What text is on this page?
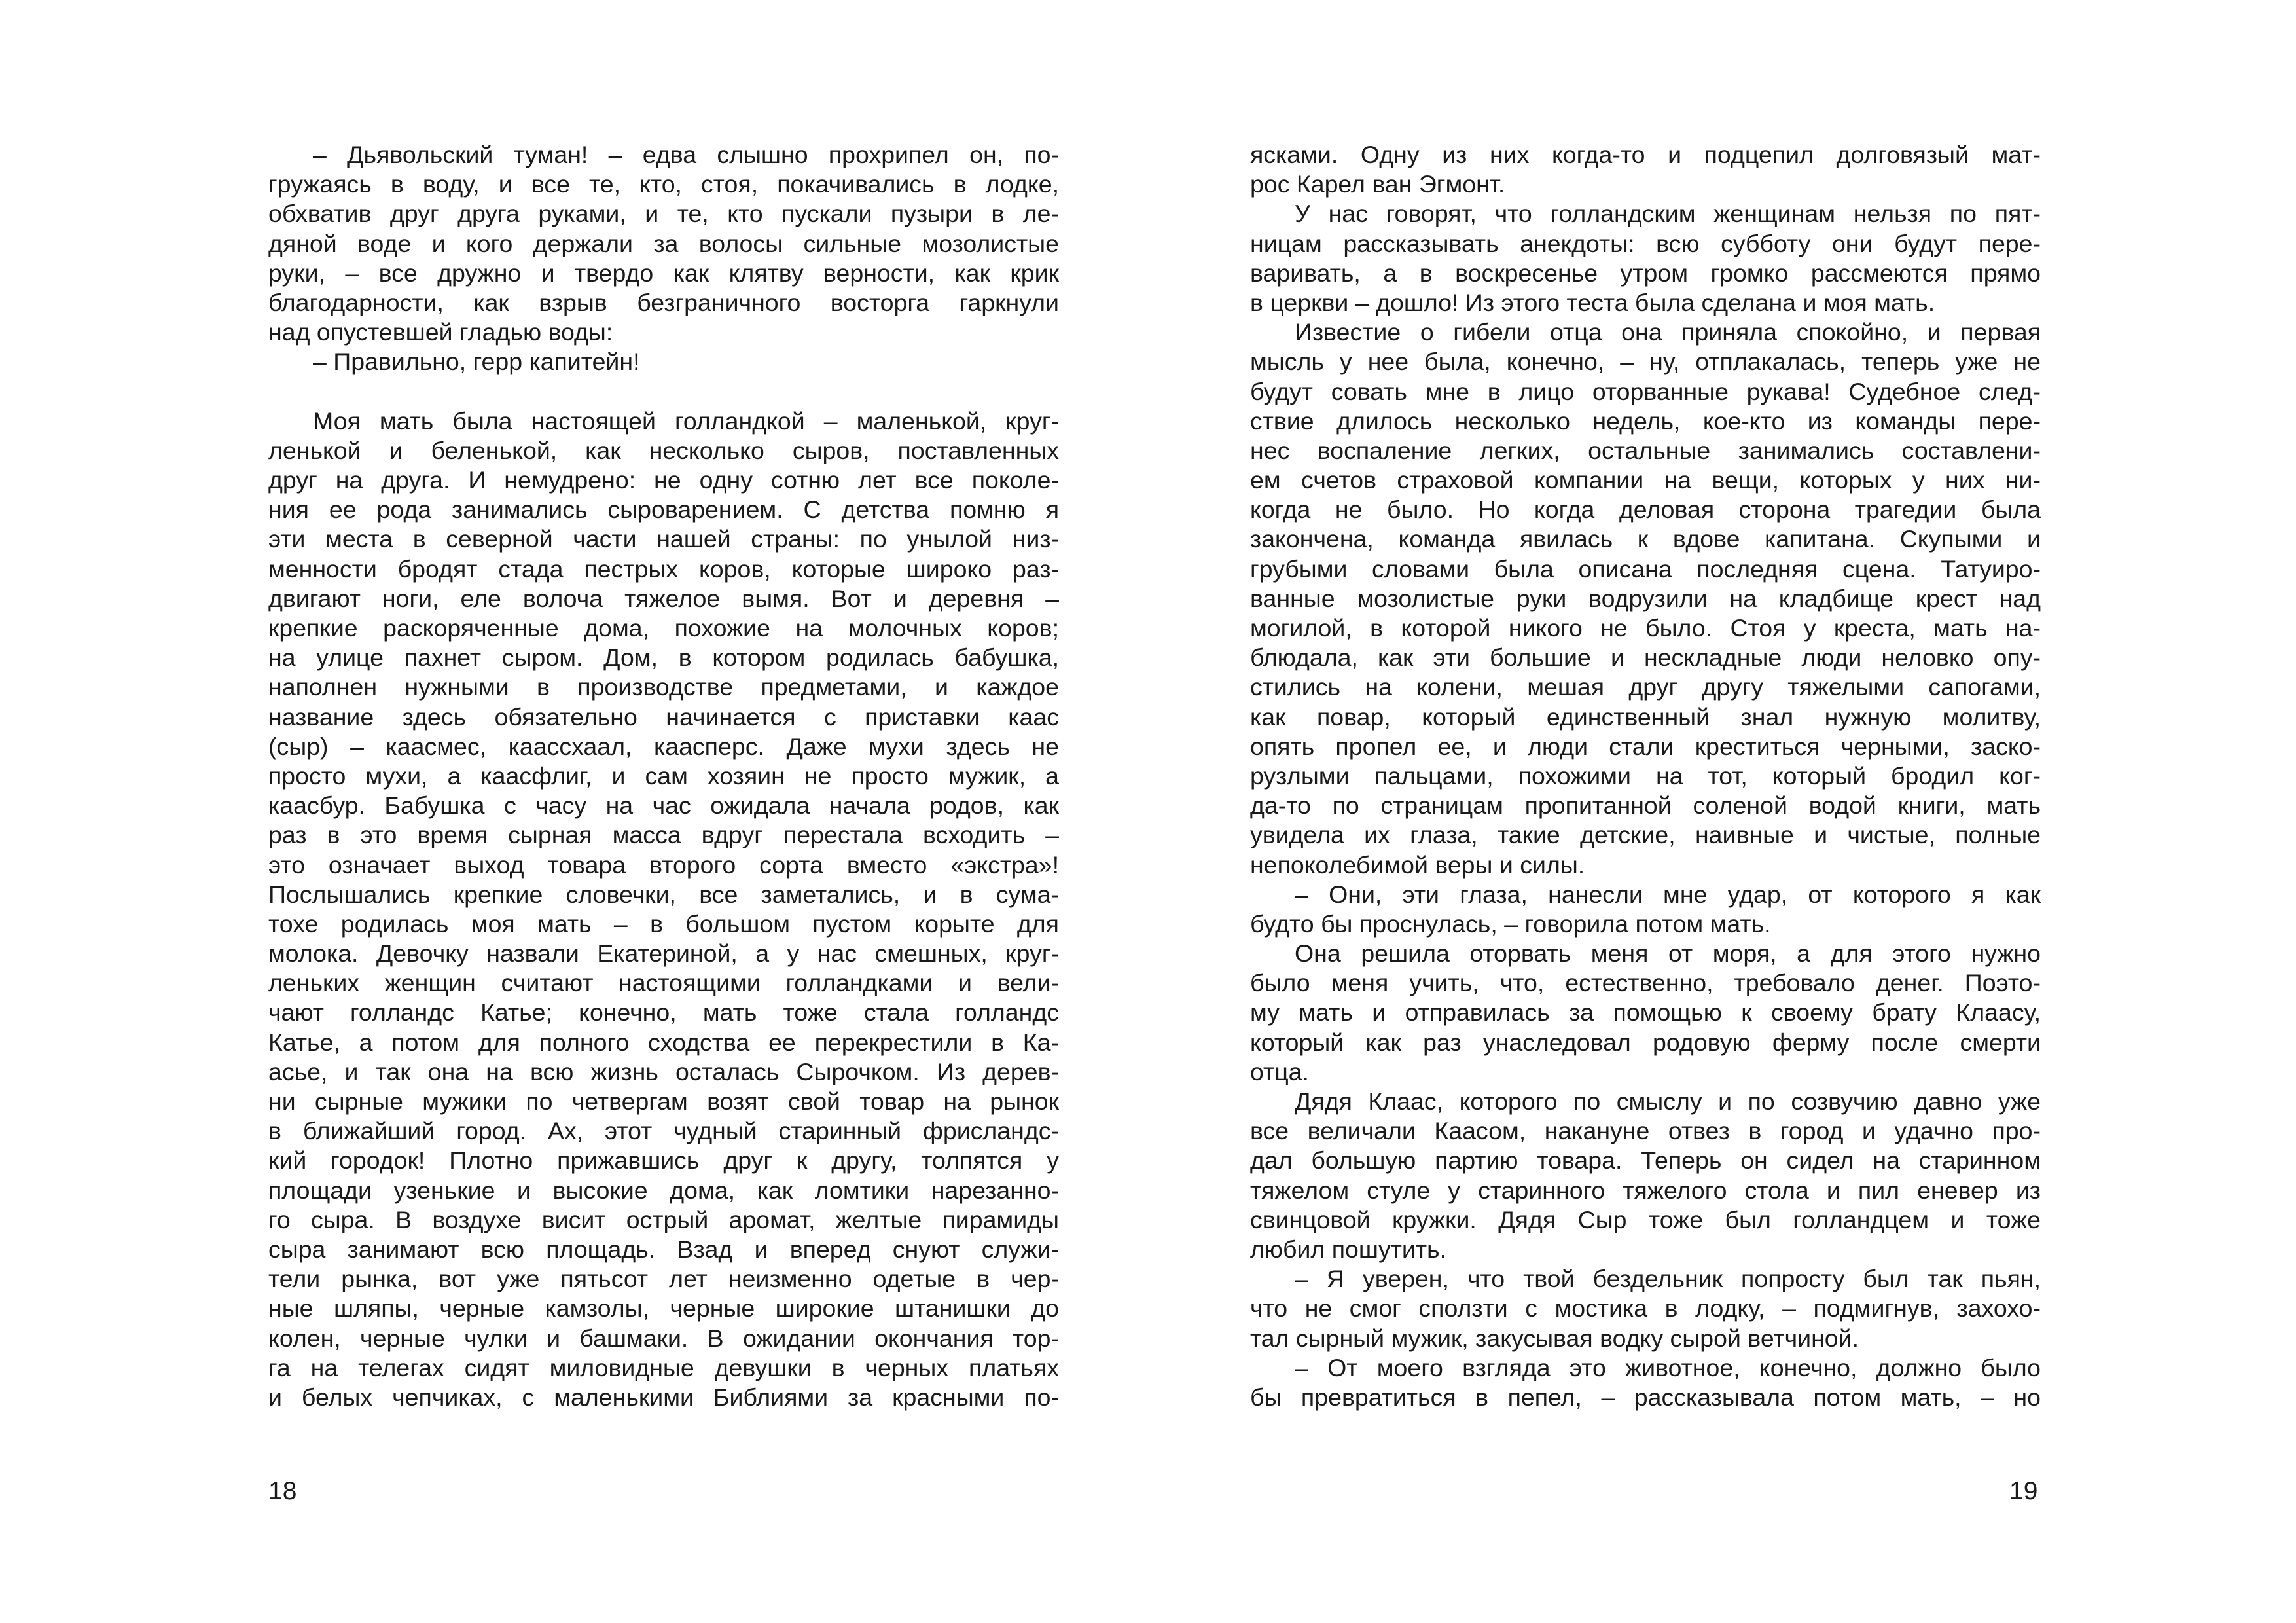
– Дьявольский туман! – едва слышно прохрипел он, по-
гружаясь в воду, и все те, кто, стоя, покачивались в лодке,
обхватив друг друга руками, и те, кто пускали пузыри в ле-
дяной воде и кого держали за волосы сильные мозолистые
руки, – все дружно и твердо как клятву верности, как крик
благодарности, как взрыв безграничного восторга гаркнули
над опустевшей гладью воды:
– Правильно, герр капитейн!
Моя мать была настоящей голландкой – маленькой, круг-
ленькой и беленькой, как несколько сыров, поставленных
друг на друга. И немудрено: не одну сотню лет все поколе-
ния ее рода занимались сыроварением. С детства помню я
эти места в северной части нашей страны: по унылой низ-
менности бродят стада пестрых коров, которые широко раз-
двигают ноги, еле волоча тяжелое вымя. Вот и деревня –
крепкие раскоряченные дома, похожие на молочных коров;
на улице пахнет сыром. Дом, в котором родилась бабушка,
наполнен нужными в производстве предметами, и каждое
название здесь обязательно начинается с приставки каас
(сыр) – каасмес, каассхаал, каасперс. Даже мухи здесь не
просто мухи, а каасфлиг, и сам хозяин не просто мужик, а
каасбур. Бабушка с часу на час ожидала начала родов, как
раз в это время сырная масса вдруг перестала всходить –
это означает выход товара второго сорта вместо «экстра»!
Послышались крепкие словечки, все заметались, и в сума-
тохе родилась моя мать – в большом пустом корыте для
молока. Девочку назвали Екатериной, а у нас смешных, круг-
леньких женщин считают настоящими голландками и вели-
чают голландс Катье; конечно, мать тоже стала голландс
Катье, а потом для полного сходства ее перекрестили в Ка-
асье, и так она на всю жизнь осталась Сырочком. Из дерев-
ни сырные мужики по четвергам возят свой товар на рынок
в ближайший город. Ах, этот чудный старинный фрисландс-
кий городок! Плотно прижавшись друг к другу, толпятся у
площади узенькие и высокие дома, как ломтики нарезанно-
го сыра. В воздухе висит острый аромат, желтые пирамиды
сыра занимают всю площадь. Взад и вперед снуют служи-
тели рынка, вот уже пятьсот лет неизменно одетые в чер-
ные шляпы, черные камзолы, черные широкие штанишки до
колен, черные чулки и башмаки. В ожидании окончания тор-
га на телегах сидят миловидные девушки в черных платьях
и белых чепчиках, с маленькими Библиями за красными по-
18
ясками. Одну из них когда-то и подцепил долговязый мат-
рос Карел ван Эгмонт.
У нас говорят, что голландским женщинам нельзя по пят-
ницам рассказывать анекдоты: всю субботу они будут пере-
варивать, а в воскресенье утром громко рассмеются прямо
в церкви – дошло! Из этого теста была сделана и моя мать.
Известие о гибели отца она приняла спокойно, и первая
мысль у нее была, конечно, – ну, отплакалась, теперь уже не
будут совать мне в лицо оторванные рукава! Судебное след-
ствие длилось несколько недель, кое-кто из команды пере-
нес воспаление легких, остальные занимались составлени-
ем счетов страховой компании на вещи, которых у них ни-
когда не было. Но когда деловая сторона трагедии была
закончена, команда явилась к вдове капитана. Скупыми и
грубыми словами была описана последняя сцена. Татуиро-
ванные мозолистые руки водрузили на кладбище крест над
могилой, в которой никого не было. Стоя у креста, мать на-
блюдала, как эти большие и нескладные люди неловко опу-
стились на колени, мешая друг другу тяжелыми сапогами,
как повар, который единственный знал нужную молитву,
опять пропел ее, и люди стали креститься черными, заско-
рузлыми пальцами, похожими на тот, который бродил ког-
да-то по страницам пропитанной соленой водой книги, мать
увидела их глаза, такие детские, наивные и чистые, полные
непоколебимой веры и силы.
– Они, эти глаза, нанесли мне удар, от которого я как
будто бы проснулась, – говорила потом мать.
Она решила оторвать меня от моря, а для этого нужно
было меня учить, что, естественно, требовало денег. Поэто-
му мать и отправилась за помощью к своему брату Клаасу,
который как раз унаследовал родовую ферму после смерти
отца.
Дядя Клаас, которого по смыслу и по созвучию давно уже
все величали Каасом, накануне отвез в город и удачно про-
дал большую партию товара. Теперь он сидел на старинном
тяжелом стуле у старинного тяжелого стола и пил еневер из
свинцовой кружки. Дядя Сыр тоже был голландцем и тоже
любил пошутить.
– Я уверен, что твой бездельник попросту был так пьян,
что не смог сползти с мостика в лодку, – подмигнув, захохо-
тал сырный мужик, закусывая водку сырой ветчиной.
– От моего взгляда это животное, конечно, должно было
бы превратиться в пепел, – рассказывала потом мать, – но
19
